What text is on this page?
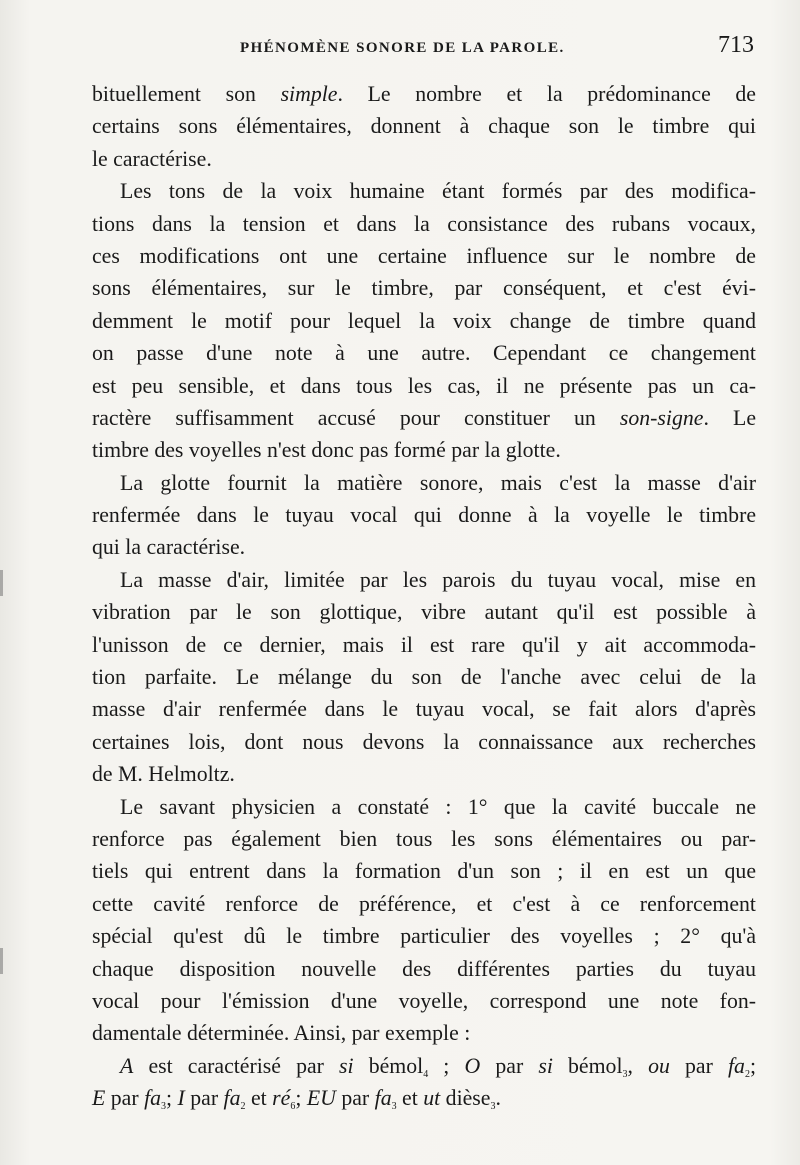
PHÉNOMÈNE SONORE DE LA PAROLE.	713
bituellement son simple. Le nombre et la prédominance de
certains sons élémentaires, donnent à chaque son le timbre qui
le caractérise.
Les tons de la voix humaine étant formés par des modifica-
tions dans la tension et dans la consistance des rubans vocaux,
ces modifications ont une certaine influence sur le nombre de
sons élémentaires, sur le timbre, par conséquent, et c'est évi-
demment le motif pour lequel la voix change de timbre quand
on passe d'une note à une autre. Cependant ce changement
est peu sensible, et dans tous les cas, il ne présente pas un ca-
ractère suffisamment accusé pour constituer un son-signe. Le
timbre des voyelles n'est donc pas formé par la glotte.
La glotte fournit la matière sonore, mais c'est la masse d'air
renfermée dans le tuyau vocal qui donne à la voyelle le timbre
qui la caractérise.
La masse d'air, limitée par les parois du tuyau vocal, mise en
vibration par le son glottique, vibre autant qu'il est possible à
l'unisson de ce dernier, mais il est rare qu'il y ait accommoda-
tion parfaite. Le mélange du son de l'anche avec celui de la
masse d'air renfermée dans le tuyau vocal, se fait alors d'après
certaines lois, dont nous devons la connaissance aux recherches
de M. Helmoltz.
Le savant physicien a constaté : 1° que la cavité buccale ne
renforce pas également bien tous les sons élémentaires ou par-
tiels qui entrent dans la formation d'un son ; il en est un que
cette cavité renforce de préférence, et c'est à ce renforcement
spécial qu'est dû le timbre particulier des voyelles ; 2° qu'à
chaque disposition nouvelle des différentes parties du tuyau
vocal pour l'émission d'une voyelle, correspond une note fon-
damentale déterminée. Ainsi, par exemple :
A est caractérisé par si bémol$_4$ ; O par si bémol$_3$, ou par $fa_2$;
E par $fa_3$; I par $fa_2$ et $ré_6$; EU par $fa_3$ et ut dièse$_3$.
